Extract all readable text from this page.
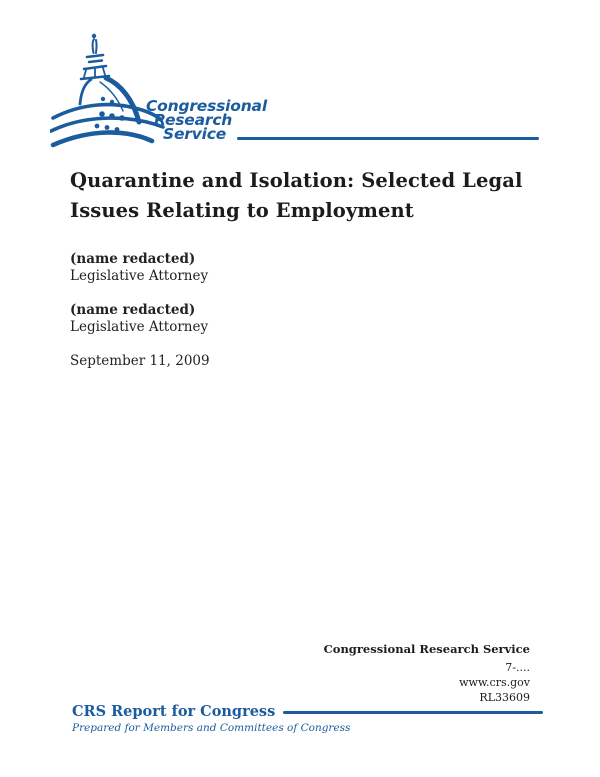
Congressional
Research
Service
Quarantine and Isolation: Selected Legal
Issues Relating to Employment
(name redacted)
Legislative Attorney
(name redacted)
Legislative Attorney
September 11, 2009
Congressional Research Service
7-....
www.crs.gov
RL33609
CRS Report for Congress
Prepared for Members and Committees of Congress
